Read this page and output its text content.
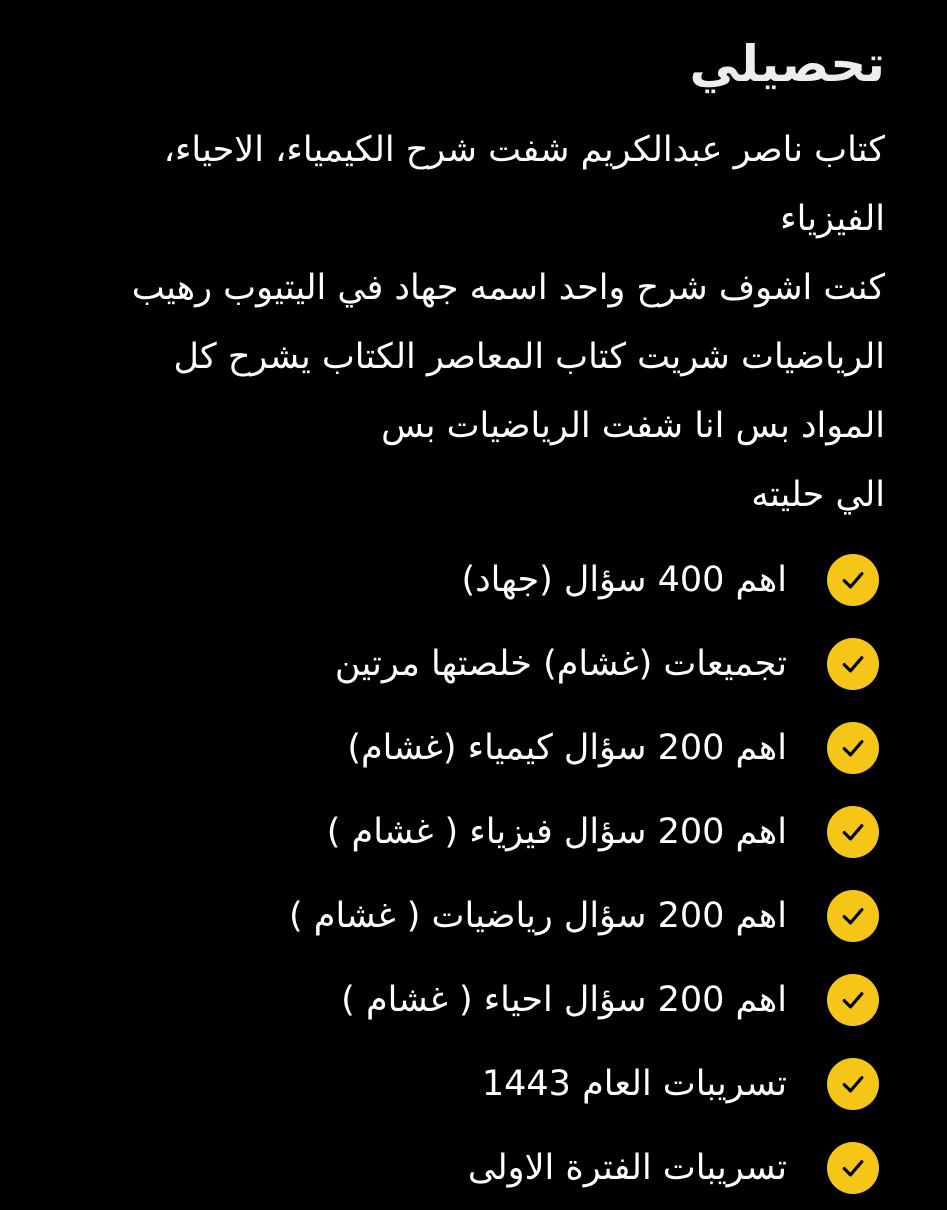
تحصيلي
كتاب ناصر عبدالكريم شفت شرح الكيمياء، الاحياء،
الفيزياء
كنت اشوف شرح واحد اسمه جهاد في اليتيوب رهيب
الرياضيات شريت كتاب المعاصر الكتاب يشرح كل
المواد بس انا شفت الرياضيات بس
الي حليته
اهم 400 سؤال (جهاد)
تجميعات (غشام) خلصتها مرتين
اهم 200 سؤال كيمياء (غشام)
اهم 200 سؤال فيزياء ( غشام )
اهم 200 سؤال رياضيات ( غشام )
اهم 200 سؤال احياء ( غشام )
تسريبات العام 1443
تسريبات الفترة الاولى
